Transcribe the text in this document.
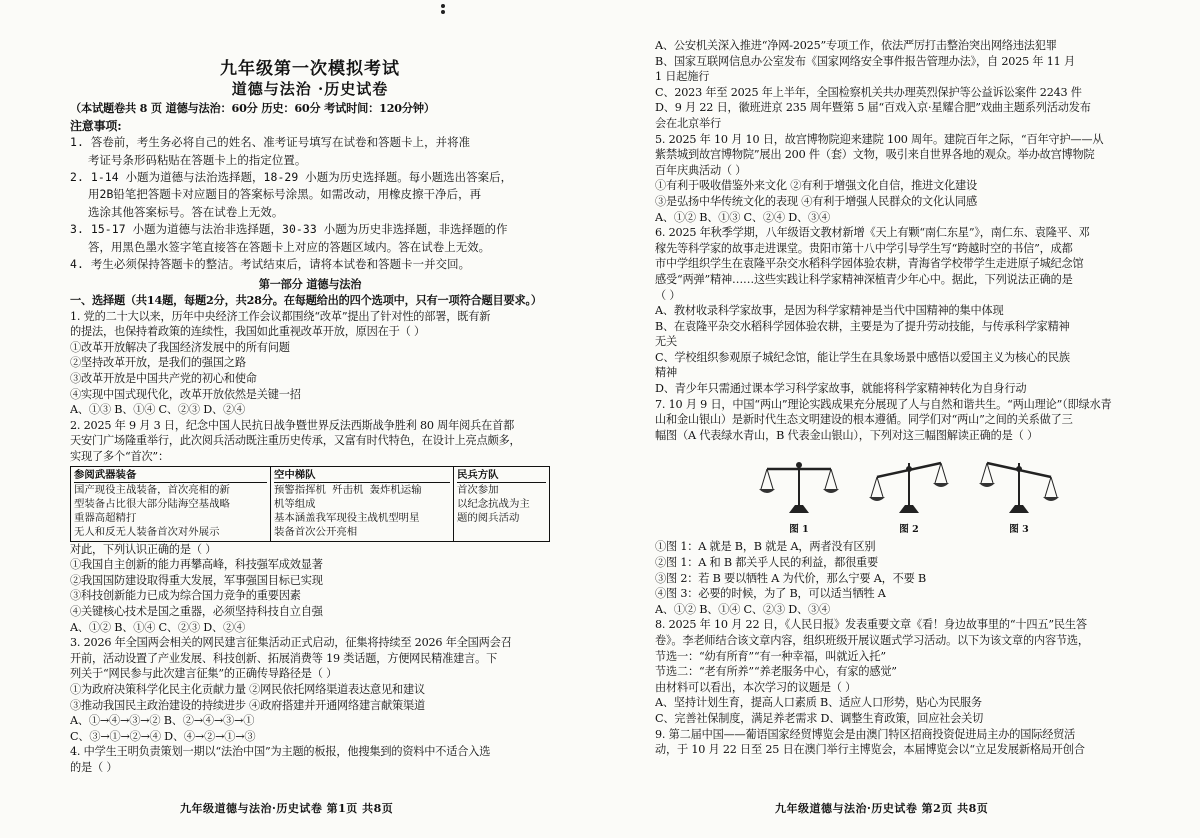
九年级第一次模拟考试
道德与法治 ·历史试卷
（本试题卷共 8 页 道德与法治：60分 历史：60分 考试时间：120分钟）
注意事项:
1. 答卷前，考生务必将自己的姓名、准考证号填写在试卷和答题卡上，并将准
考证号条形码粘贴在答题卡上的指定位置。
2. 1-14 小题为道德与法治选择题，18-29 小题为历史选择题。每小题选出答案后，
用2B铅笔把答题卡对应题目的答案标号涂黑。如需改动，用橡皮擦干净后，再
选涂其他答案标号。答在试卷上无效。
3. 15-17 小题为道德与法治非选择题，30-33 小题为历史非选择题，非选择题的作
答，用黑色墨水签字笔直接答在答题卡上对应的答题区域内。答在试卷上无效。
4. 考生必须保持答题卡的整洁。考试结束后，请将本试卷和答题卡一并交回。
第一部分 道德与法治
一、选择题（共14题，每题2分，共28分。在每题给出的四个选项中，只有一项符合题目要求。）
1. 党的二十大以来，历年中央经济工作会议都围绕“改革”提出了针对性的部署，既有新
的提法，也保持着政策的连续性，我国如此重视改革开放，原因在于（ ）
①改革开放解决了我国经济发展中的所有问题
②坚持改革开放，是我们的强国之路
③改革开放是中国共产党的初心和使命
④实现中国式现代化，改革开放依然是关键一招
A、①③ B、①④ C、②③ D、②④
2. 2025 年 9 月 3 日，纪念中国人民抗日战争暨世界反法西斯战争胜利 80 周年阅兵在首都
天安门广场隆重举行，此次阅兵活动既注重历史传承，又富有时代特色，在设计上亮点颇多，
实现了多个“首次”：
参阅武器装备
国产现役主战装备，首次亮相的新
型装备占比很大部分陆海空基战略
重器高超精打
无人和反无人装备首次对外展示
空中梯队
预警指挥机 歼击机 轰炸机运输
机等组成
基本涵盖我军现役主战机型明星
装备首次公开亮相
民兵方队
首次参加
以纪念抗战为主
题的阅兵活动

对此，下列认识正确的是（ ）
①我国自主创新的能力再攀高峰，科技强军成效显著
②我国国防建设取得重大发展，军事强国目标已实现
③科技创新能力已成为综合国力竞争的重要因素
④关键核心技术是国之重器，必须坚持科技自立自强
A、①② B、①④ C、②③ D、②④
3. 2026 年全国两会相关的网民建言征集活动正式启动，征集将持续至 2026 年全国两会召
开前，活动设置了产业发展、科技创新、拓展消费等 19 类话题，方便网民精准建言。下
列关于“网民参与此次建言征集”的正确传导路径是（ ）
①为政府决策科学化民主化贡献力量 ②网民依托网络渠道表达意见和建议
③推动我国民主政治建设的持续进步 ④政府搭建并开通网络建言献策渠道
A、①→④→③→② B、②→④→③→①
C、③→①→②→④ D、④→②→①→③
4. 中学生王明负责策划一期以“法治中国”为主题的板报，他搜集到的资料中不适合入选
的是（ ）
九年级道德与法治·历史试卷 第1页 共8页
A、公安机关深入推进“净网-2025”专项工作，依法严厉打击整治突出网络违法犯罪
B、国家互联网信息办公室发布《国家网络安全事件报告管理办法》，自 2025 年 11 月
1 日起施行
C、2023 年至 2025 年上半年，全国检察机关共办理英烈保护等公益诉讼案件 2243 件
D、9 月 22 日，徽班进京 235 周年暨第 5 届“百戏入京·星耀合肥”戏曲主题系列活动发布
会在北京举行
5. 2025 年 10 月 10 日，故宫博物院迎来建院 100 周年。建院百年之际，“百年守护——从
紫禁城到故宫博物院”展出 200 件（套）文物，吸引来自世界各地的观众。举办故宫博物院
百年庆典活动（ ）
①有利于吸收借鉴外来文化 ②有利于增强文化自信，推进文化建设
③是弘扬中华传统文化的表现 ④有利于增强人民群众的文化认同感
A、①② B、①③ C、②④ D、③④
6. 2025 年秋季学期，八年级语文教材新增《天上有颗“南仁东星”》，南仁东、袁隆平、邓
稼先等科学家的故事走进课堂。贵阳市第十八中学引导学生写“跨越时空的书信”，成都
市中学组织学生在袁隆平杂交水稻科学园体验农耕，青海省学校带学生走进原子城纪念馆
感受“两弹”精神……这些实践让科学家精神深植青少年心中。据此，下列说法正确的是
（ ）
A、教材收录科学家故事，是因为科学家精神是当代中国精神的集中体现
B、在袁隆平杂交水稻科学园体验农耕，主要是为了提升劳动技能，与传承科学家精神
无关
C、学校组织参观原子城纪念馆，能让学生在具象场景中感悟以爱国主义为核心的民族
精神
D、青少年只需通过课本学习科学家故事，就能将科学家精神转化为自身行动
7. 10 月 9 日，中国“两山”理论实践成果充分展现了人与自然和谐共生。“两山理论”（即绿水青
山和金山银山）是新时代生态文明建设的根本遵循。同学们对“两山”之间的关系做了三
幅图（A 代表绿水青山，B 代表金山银山），下列对这三幅图解读正确的是（ ）
图 1	图 2	图 3
①图 1：A 就是 B，B 就是 A，两者没有区别
②图 1：A 和 B 都关乎人民的利益，都很重要
③图 2：若 B 要以牺牲 A 为代价，那么宁要 A，不要 B
④图 3：必要的时候，为了 B，可以适当牺牲 A
A、①② B、①④ C、②③ D、③④
8. 2025 年 10 月 22 日，《人民日报》发表重要文章《看！身边故事里的“十四五”民生答
卷》。李老师结合该文章内容，组织班级开展议题式学习活动。以下为该文章的内容节选，
节选一：“幼有所育”“有一种幸福，叫就近入托”
节选二：“老有所养”“养老服务中心，有家的感觉”
由材料可以看出，本次学习的议题是（ ）
A、坚持计划生育，提高人口素质 B、适应人口形势，贴心为民服务
C、完善社保制度，满足养老需求 D、调整生育政策，回应社会关切
9. 第二届中国——葡语国家经贸博览会是由澳门特区招商投资促进局主办的国际经贸活
动，于 10 月 22 日至 25 日在澳门举行主博览会，本届博览会以“立足发展新格局开创合
九年级道德与法治·历史试卷 第2页 共8页
